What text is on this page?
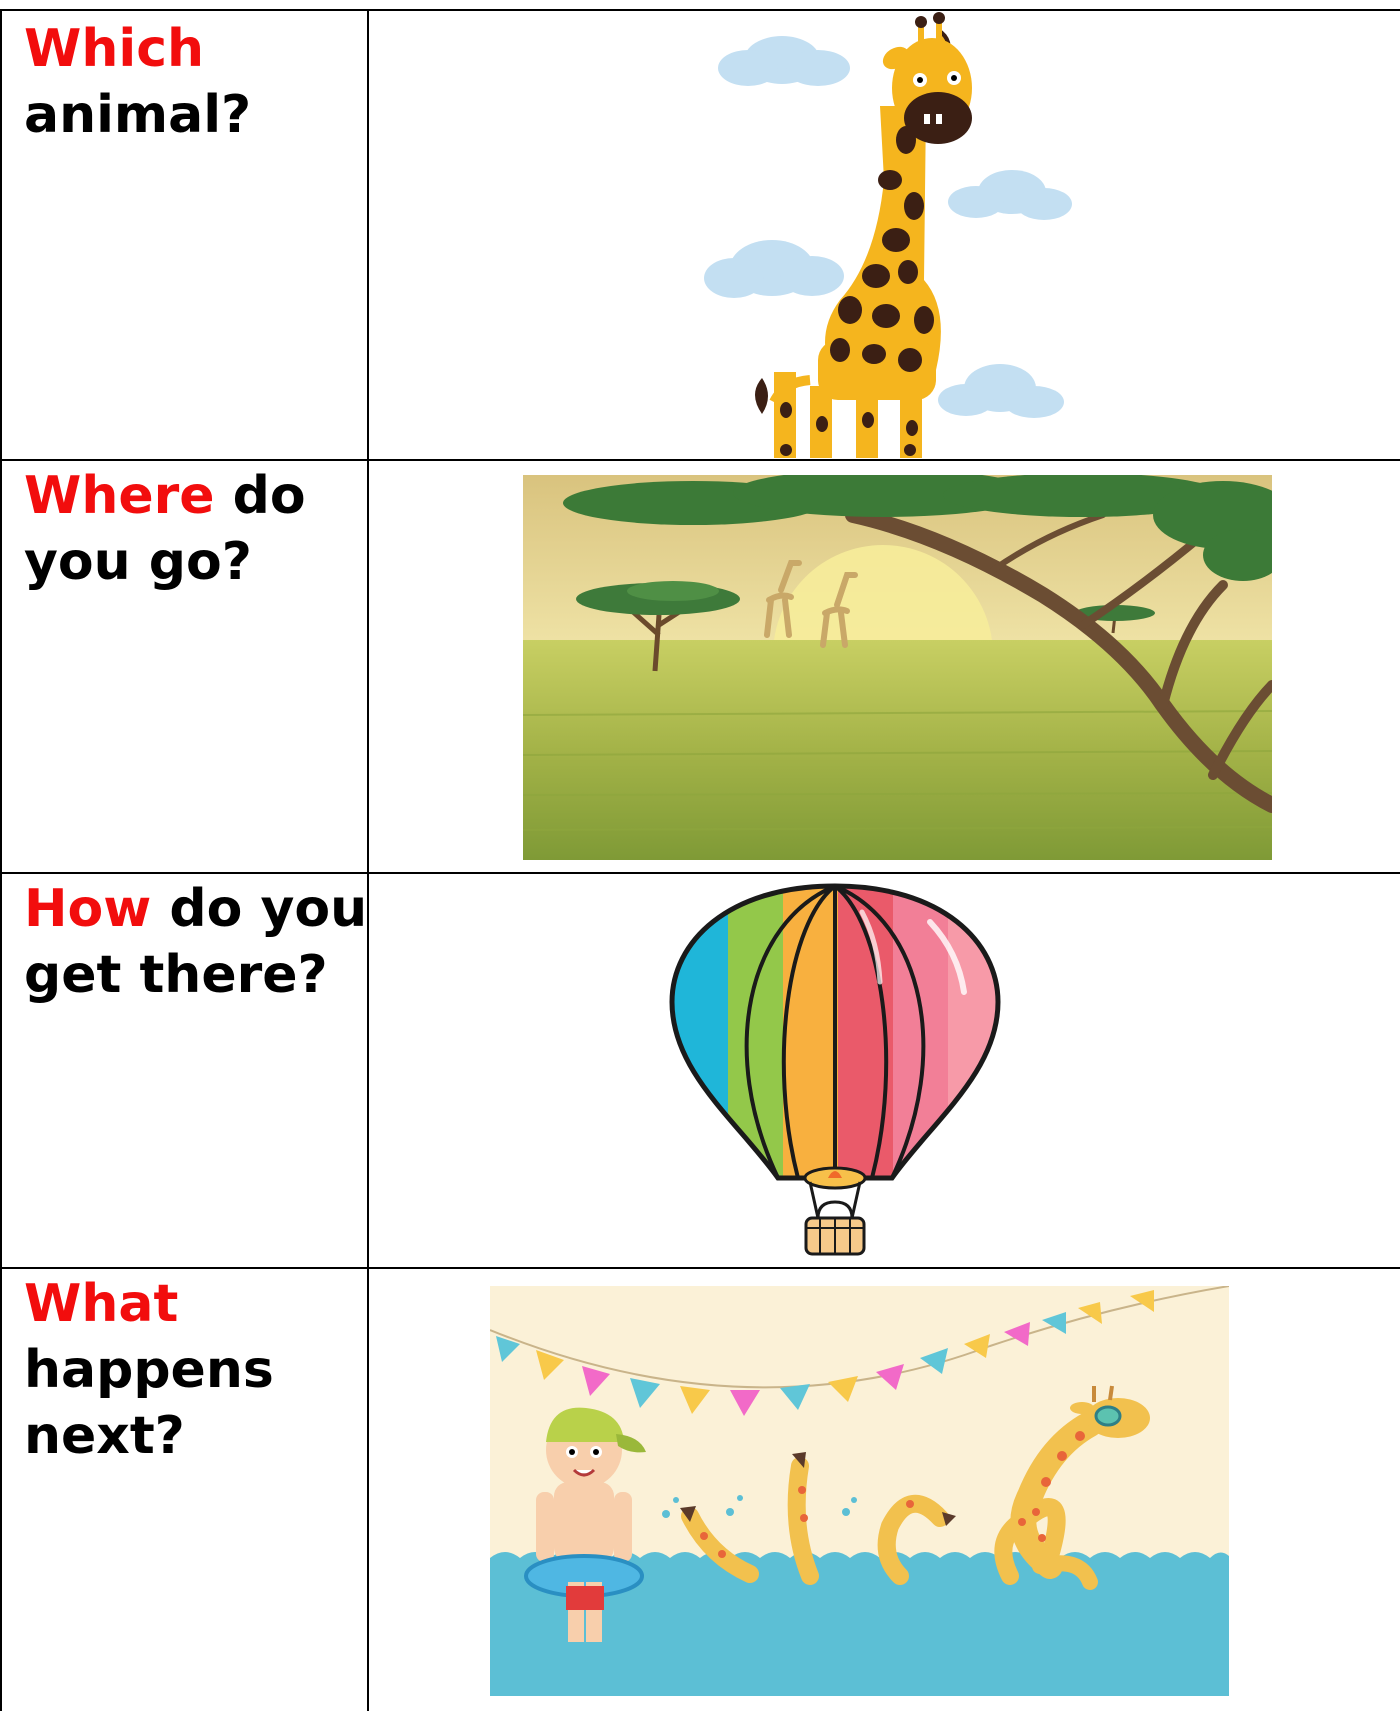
Which
animal?
Where do
you go?
How do you
get there?
What
happens
next?
